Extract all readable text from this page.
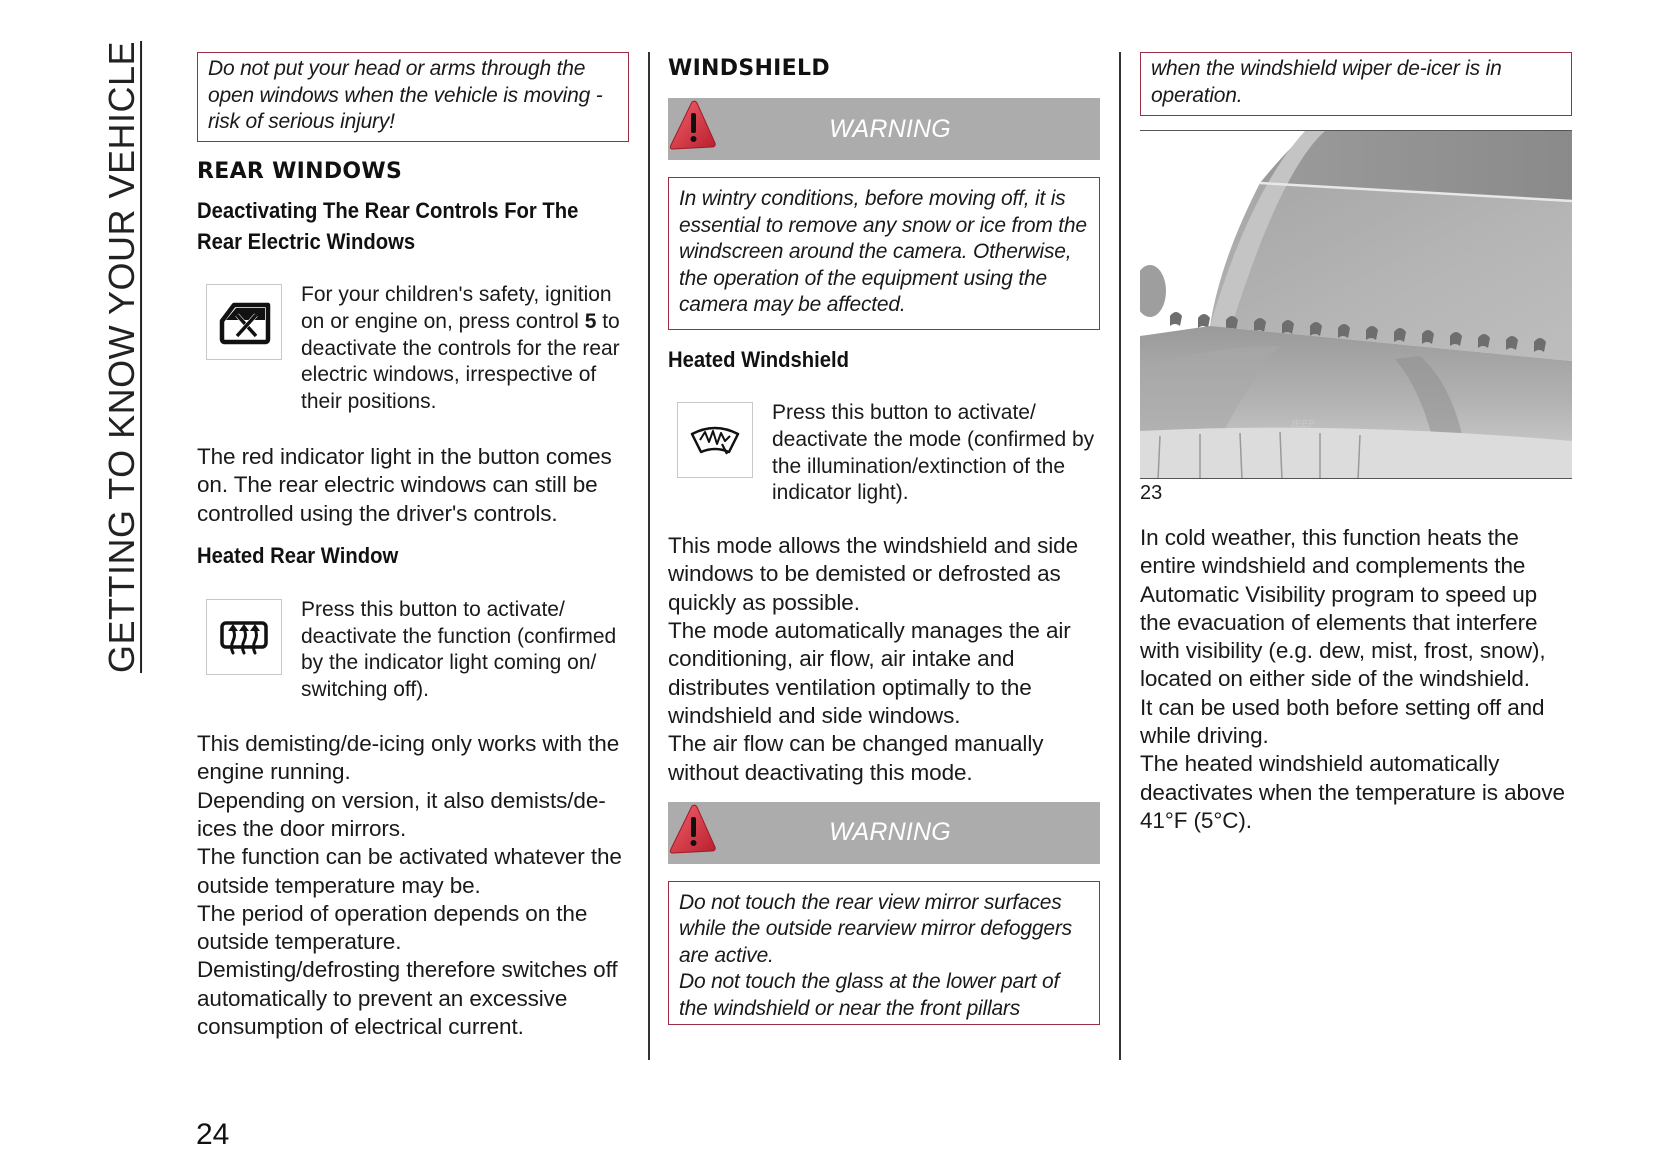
GETTING TO KNOW YOUR VEHICLE	Do not put your head or arms through the open windows when the vehicle is moving - risk of serious injury!

REAR WINDOWS
Deactivating The Rear Controls For The Rear Electric Windows
For your children's safety, ignition on or engine on, press control 5 to deactivate the controls for the rear electric windows, irrespective of their positions.

The red indicator light in the button comes on. The rear electric windows can still be controlled using the driver's controls.

Heated Rear Window
Press this button to activate/ deactivate the function (confirmed by the indicator light coming on/ switching off).

This demisting/de-icing only works with the engine running.

Depending on version, it also demists/de-ices the door mirrors.

The function can be activated whatever the outside temperature may be.

The period of operation depends on the outside temperature.

Demisting/defrosting therefore switches off automatically to prevent an excessive consumption of electrical current.

WINDSHIELD
WARNING

In wintry conditions, before moving off, it is essential to remove any snow or ice from the windscreen around the camera. Otherwise, the operation of the equipment using the camera may be affected.

Heated Windshield
Press this button to activate/ deactivate the mode (confirmed by the illumination/extinction of the indicator light).

This mode allows the windshield and side windows to be demisted or defrosted as quickly as possible.

The mode automatically manages the air conditioning, air flow, air intake and distributes ventilation optimally to the windshield and side windows.

The air flow can be changed manually without deactivating this mode.

WARNING

Do not touch the rear view mirror surfaces while the outside rearview mirror defoggers are active.

Do not touch the glass at the lower part of the windshield or near the front pillars

when the windshield wiper de-icer is in operation.

JEEP
23

In cold weather, this function heats the entire windshield and complements the Automatic Visibility program to speed up the evacuation of elements that interfere with visibility (e.g. dew, mist, frost, snow), located on either side of the windshield.

It can be used both before setting off and while driving.

The heated windshield automatically deactivates when the temperature is above 41°F (5°C).

24
